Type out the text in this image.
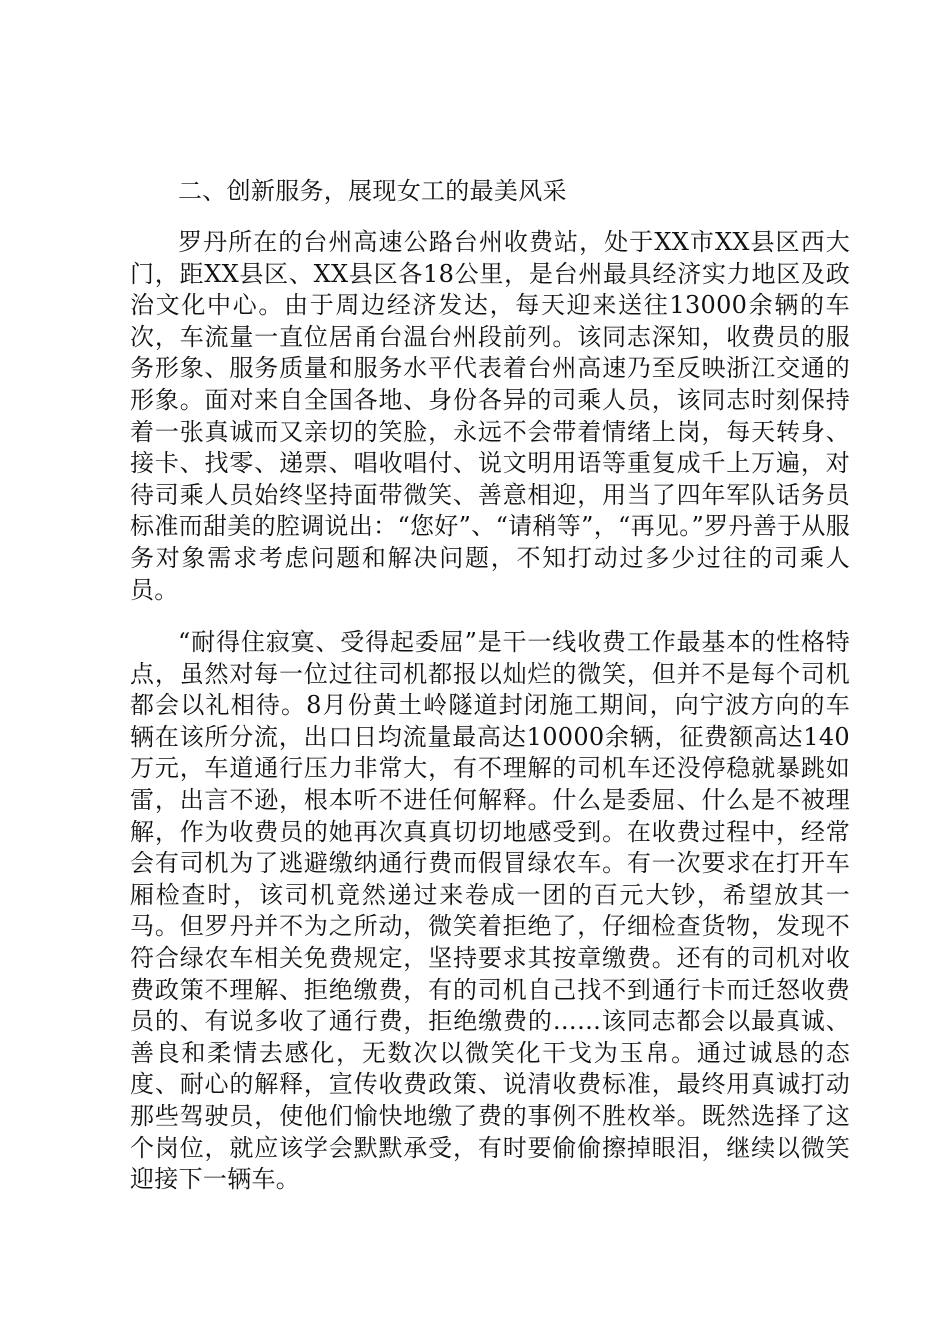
二、创新服务，展现女工的最美风采

罗丹所在的台州高速公路台州收费站，处于XX市XX县区西大门，距XX县区、XX县区各18公里，是台州最具经济实力地区及政治文化中心。由于周边经济发达，每天迎来送往13000余辆的车次，车流量一直位居甬台温台州段前列。该同志深知，收费员的服务形象、服务质量和服务水平代表着台州高速乃至反映浙江交通的形象。面对来自全国各地、身份各异的司乘人员，该同志时刻保持着一张真诚而又亲切的笑脸，永远不会带着情绪上岗，每天转身、接卡、找零、递票、唱收唱付、说文明用语等重复成千上万遍，对待司乘人员始终坚持面带微笑、善意相迎，用当了四年军队话务员标准而甜美的腔调说出：“您好”、“请稍等”，“再见。”罗丹善于从服务对象需求考虑问题和解决问题，不知打动过多少过往的司乘人员。

“耐得住寂寞、受得起委屈”是干一线收费工作最基本的性格特点，虽然对每一位过往司机都报以灿烂的微笑，但并不是每个司机都会以礼相待。8月份黄土岭隧道封闭施工期间，向宁波方向的车辆在该所分流，出口日均流量最高达10000余辆，征费额高达140万元，车道通行压力非常大，有不理解的司机车还没停稳就暴跳如雷，出言不逊，根本听不进任何解释。什么是委屈、什么是不被理解，作为收费员的她再次真真切切地感受到。在收费过程中，经常会有司机为了逃避缴纳通行费而假冒绿农车。有一次要求在打开车厢检查时，该司机竟然递过来卷成一团的百元大钞，希望放其一马。但罗丹并不为之所动，微笑着拒绝了，仔细检查货物，发现不符合绿农车相关免费规定，坚持要求其按章缴费。还有的司机对收费政策不理解、拒绝缴费，有的司机自己找不到通行卡而迁怒收费员的、有说多收了通行费，拒绝缴费的……该同志都会以最真诚、善良和柔情去感化，无数次以微笑化干戈为玉帛。通过诚恳的态度、耐心的解释，宣传收费政策、说清收费标准，最终用真诚打动那些驾驶员，使他们愉快地缴了费的事例不胜枚举。既然选择了这个岗位，就应该学会默默承受，有时要偷偷擦掉眼泪，继续以微笑迎接下一辆车。
